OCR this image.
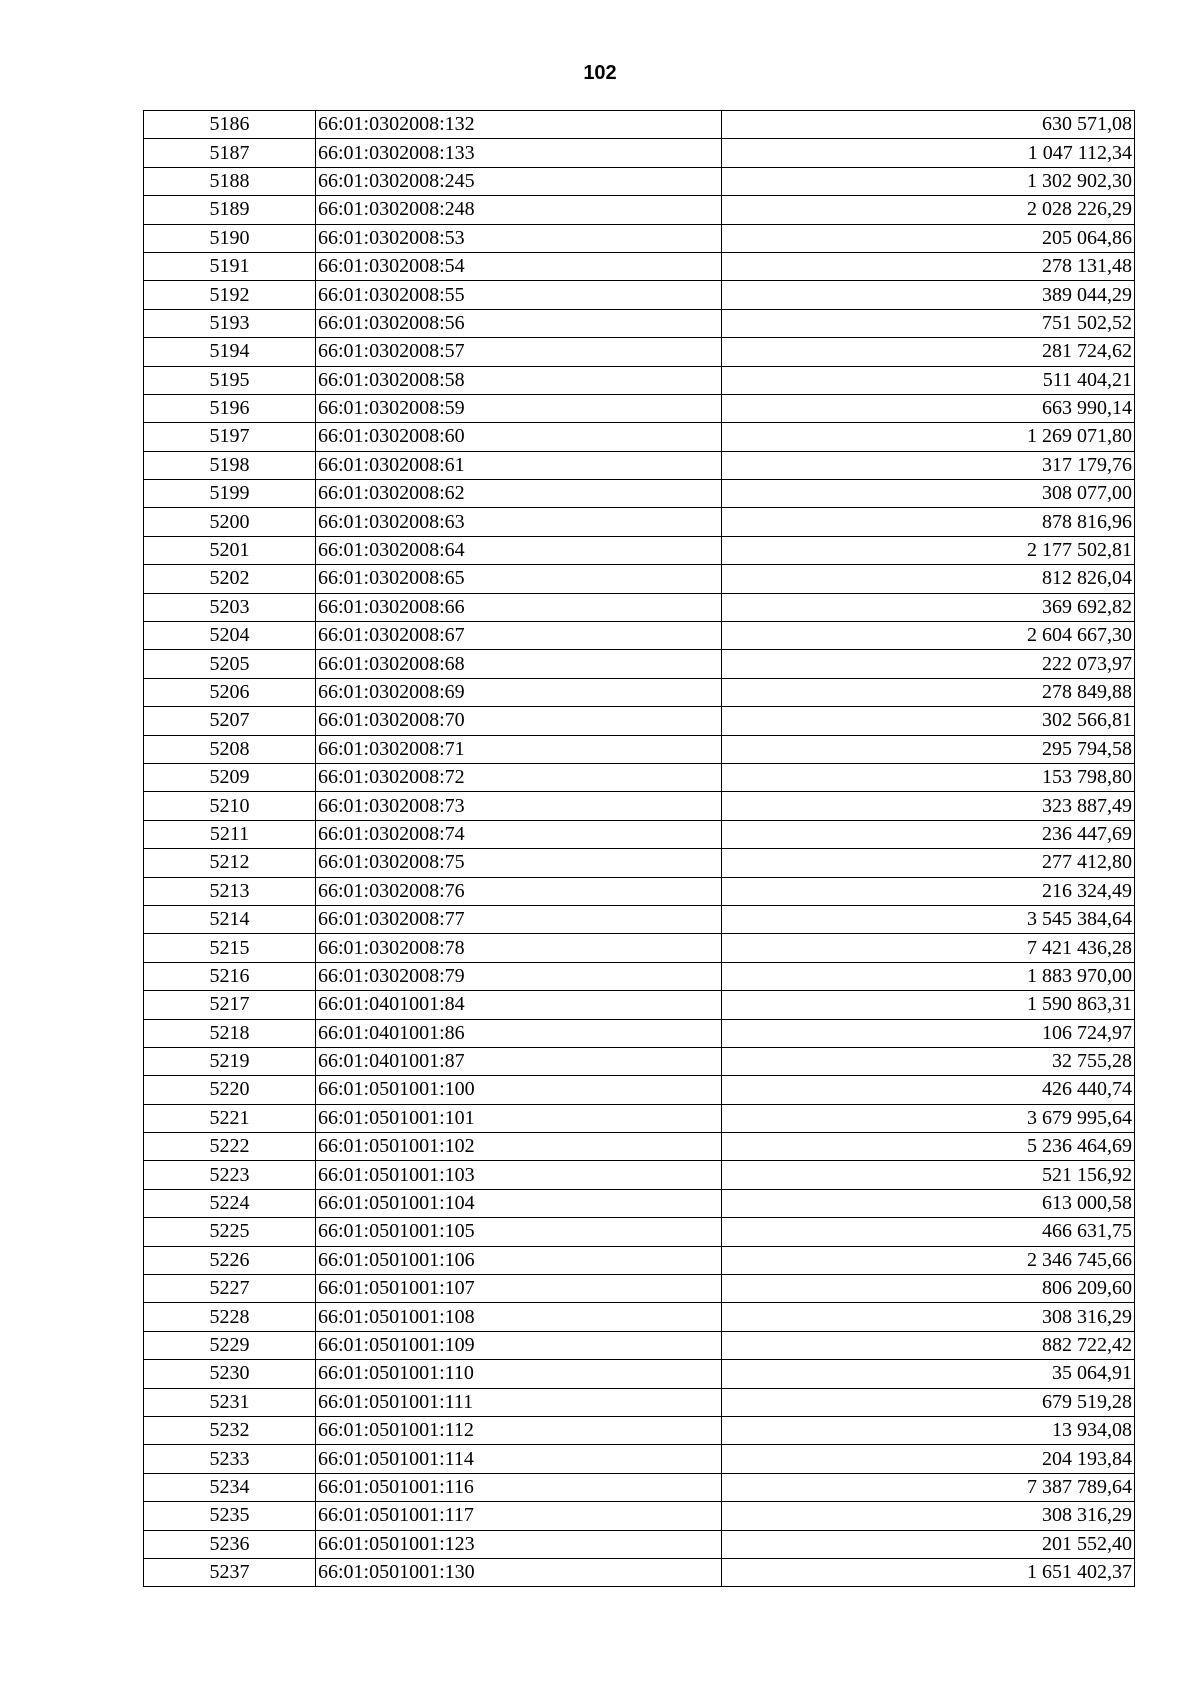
102
5186	66:01:0302008:132	630 571,08
5187	66:01:0302008:133	1 047 112,34
5188	66:01:0302008:245	1 302 902,30
5189	66:01:0302008:248	2 028 226,29
5190	66:01:0302008:53	205 064,86
5191	66:01:0302008:54	278 131,48
5192	66:01:0302008:55	389 044,29
5193	66:01:0302008:56	751 502,52
5194	66:01:0302008:57	281 724,62
5195	66:01:0302008:58	511 404,21
5196	66:01:0302008:59	663 990,14
5197	66:01:0302008:60	1 269 071,80
5198	66:01:0302008:61	317 179,76
5199	66:01:0302008:62	308 077,00
5200	66:01:0302008:63	878 816,96
5201	66:01:0302008:64	2 177 502,81
5202	66:01:0302008:65	812 826,04
5203	66:01:0302008:66	369 692,82
5204	66:01:0302008:67	2 604 667,30
5205	66:01:0302008:68	222 073,97
5206	66:01:0302008:69	278 849,88
5207	66:01:0302008:70	302 566,81
5208	66:01:0302008:71	295 794,58
5209	66:01:0302008:72	153 798,80
5210	66:01:0302008:73	323 887,49
5211	66:01:0302008:74	236 447,69
5212	66:01:0302008:75	277 412,80
5213	66:01:0302008:76	216 324,49
5214	66:01:0302008:77	3 545 384,64
5215	66:01:0302008:78	7 421 436,28
5216	66:01:0302008:79	1 883 970,00
5217	66:01:0401001:84	1 590 863,31
5218	66:01:0401001:86	106 724,97
5219	66:01:0401001:87	32 755,28
5220	66:01:0501001:100	426 440,74
5221	66:01:0501001:101	3 679 995,64
5222	66:01:0501001:102	5 236 464,69
5223	66:01:0501001:103	521 156,92
5224	66:01:0501001:104	613 000,58
5225	66:01:0501001:105	466 631,75
5226	66:01:0501001:106	2 346 745,66
5227	66:01:0501001:107	806 209,60
5228	66:01:0501001:108	308 316,29
5229	66:01:0501001:109	882 722,42
5230	66:01:0501001:110	35 064,91
5231	66:01:0501001:111	679 519,28
5232	66:01:0501001:112	13 934,08
5233	66:01:0501001:114	204 193,84
5234	66:01:0501001:116	7 387 789,64
5235	66:01:0501001:117	308 316,29
5236	66:01:0501001:123	201 552,40
5237	66:01:0501001:130	1 651 402,37
